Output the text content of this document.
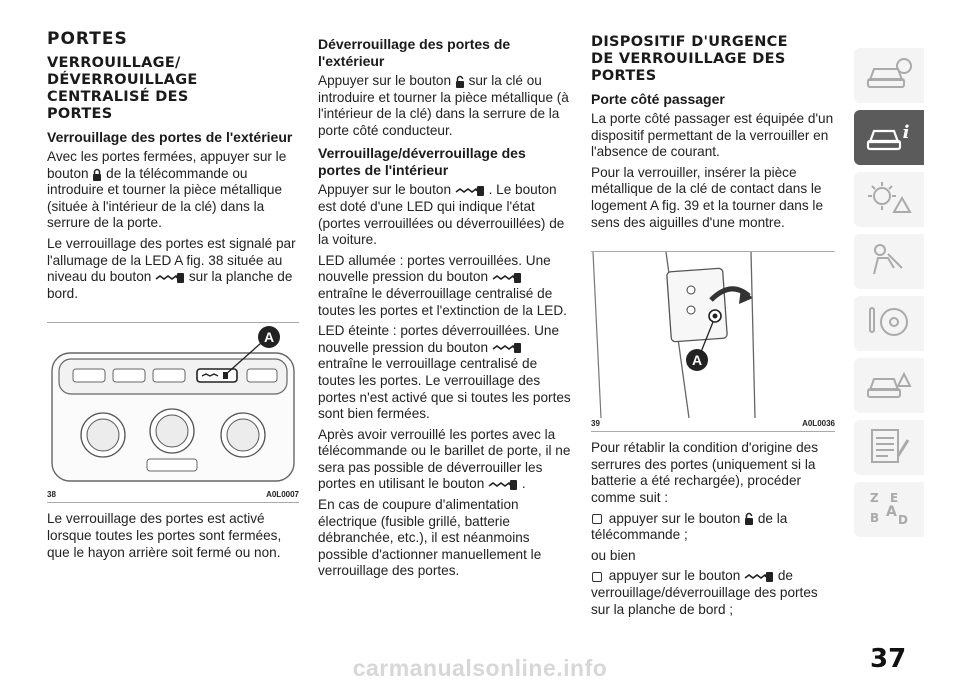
PORTES
VERROUILLAGE/
DÉVERROUILLAGE
CENTRALISÉ DES
PORTES
Verrouillage des portes de l'extérieur

Avec les portes fermées, appuyer sur le bouton de la télécommande ou introduire et tourner la pièce métallique (située à l'intérieur de la clé) dans la serrure de la porte.

Le verrouillage des portes est signalé par l'allumage de la LED A fig. 38 située au niveau du bouton	sur la planche de bord.

A
38	A0L0007

Le verrouillage des portes est activé lorsque toutes les portes sont fermées, que le hayon arrière soit fermé ou non.

Déverrouillage des portes de l'extérieur

Appuyer sur le bouton sur la clé ou introduire et tourner la pièce métallique (à l'intérieur de la clé) dans la serrure de la porte côté conducteur.

Verrouillage/déverrouillage des portes de l'intérieur

Appuyer sur le bouton	. Le bouton est doté d'une LED qui indique l'état (portes verrouillées ou déverrouillées) de la voiture.

LED allumée : portes verrouillées. Une nouvelle pression du bouton
entraîne le déverrouillage centralisé de toutes les portes et l'extinction de la LED.

LED éteinte : portes déverrouillées. Une nouvelle pression du bouton
entraîne le verrouillage centralisé de toutes les portes. Le verrouillage des portes n'est activé que si toutes les portes sont bien fermées.

Après avoir verrouillé les portes avec la télécommande ou le barillet de porte, il ne sera pas possible de déverrouiller les portes en utilisant le bouton	.

En cas de coupure d'alimentation électrique (fusible grillé, batterie débranchée, etc.), il est néanmoins possible d'actionner manuellement le verrouillage des portes.

DISPOSITIF D'URGENCE
DE VERROUILLAGE DES
PORTES
Porte côté passager

La porte côté passager est équipée d'un dispositif permettant de la verrouiller en l'absence de courant.

Pour la verrouiller, insérer la pièce métallique de la clé de contact dans le logement A fig. 39 et la tourner dans le sens des aiguilles d'une montre.

A
39	A0L0036

Pour rétablir la condition d'origine des serrures des portes (uniquement si la batterie a été rechargée), procéder comme suit :

appuyer sur le bouton de la télécommande ;

ou bien

appuyer sur le bouton	de verrouillage/déverrouillage des portes sur la planche de bord ;

i
Z E
B A D
37
carmanualsonline.info
